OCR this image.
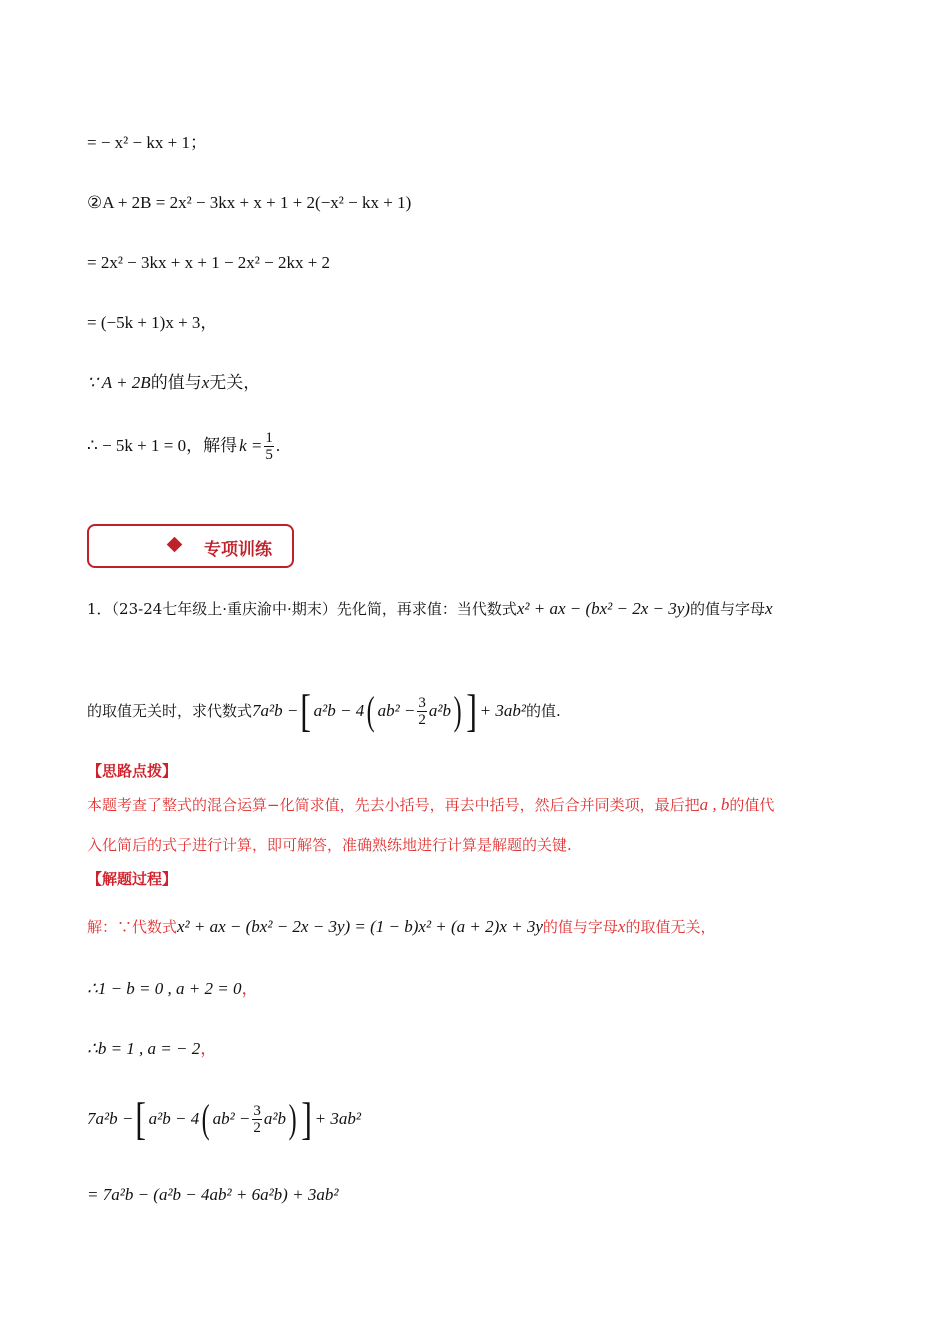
= − x² − kx + 1；
②A + 2B = 2x² − 3kx + x + 1 + 2(−x² − kx + 1)
= 2x² − 3kx + x + 1 − 2x² − 2kx + 2
= (−5k + 1)x + 3，
∵ A + 2B的值与x无关，
∴ − 5k + 1 = 0，解得 $k = \frac{1}{5}$ .
专项训练
1．（23-24七年级上·重庆渝中·期末）先化简，再求值：当代数式x² + ax − (bx² − 2x − 3y)的值与字母x
的取值无关时，求代数式 7a²b − [ a²b − 4 ( $ab^2 - \frac{3}{2} a^2b$ ) ] + 3ab² 的值.
【思路点拨】
本题考查了整式的混合运算−化简求值，先去小括号，再去中括号，然后合并同类项，最后把a , b的值代
入化简后的式子进行计算，即可解答，准确熟练地进行计算是解题的关键.
【解题过程】
解：∵代数式x² + ax − (bx² − 2x − 3y) = (1 − b)x² + (a + 2)x + 3y的值与字母x的取值无关，
∴1 − b = 0 , a + 2 = 0，
∴b = 1 , a = − 2，
7a²b − [ a²b − 4 ( $ab^2 - \frac{3}{2} a^2b$ ) ] + 3ab²
= 7a²b − (a²b − 4ab² + 6a²b) + 3ab²
